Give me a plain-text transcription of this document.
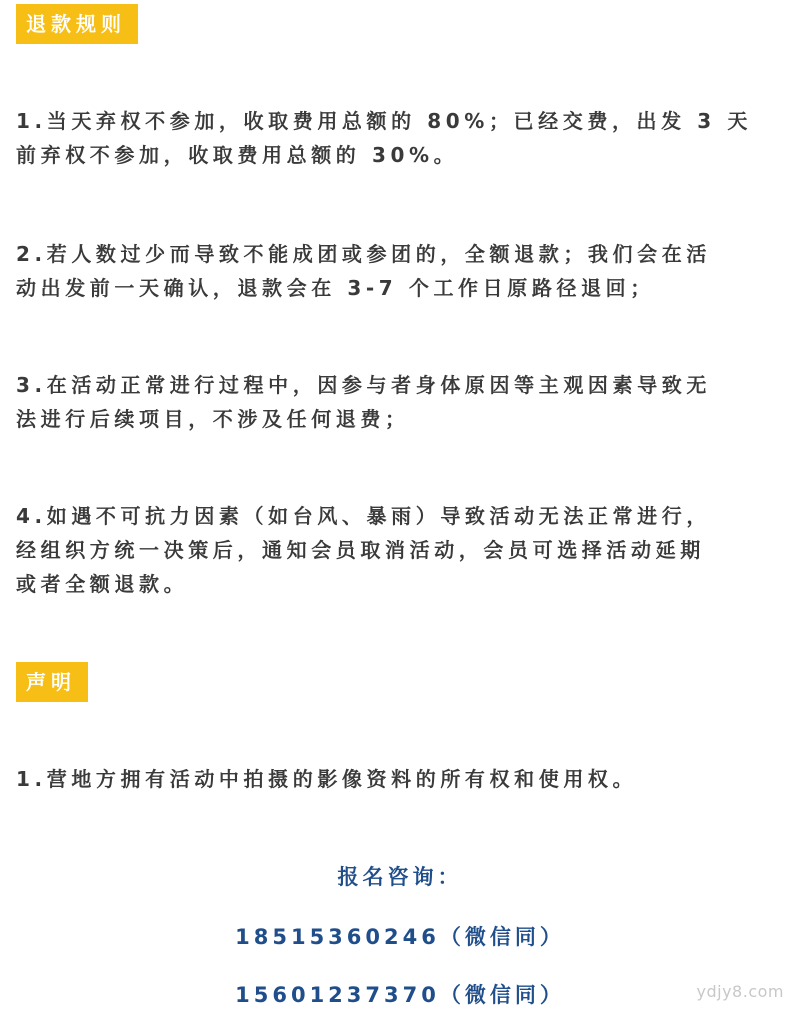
退款规则

1.当天弃权不参加，收取费用总额的 80%；已经交费，出发 3 天
前弃权不参加，收取费用总额的 30%。

2.若人数过少而导致不能成团或参团的，全额退款；我们会在活
动出发前一天确认，退款会在 3-7 个工作日原路径退回；

3.在活动正常进行过程中，因参与者身体原因等主观因素导致无
法进行后续项目，不涉及任何退费；

4.如遇不可抗力因素（如台风、暴雨）导致活动无法正常进行，
经组织方统一决策后，通知会员取消活动，会员可选择活动延期
或者全额退款。

声明

1.营地方拥有活动中拍摄的影像资料的所有权和使用权。

报名咨询：
18515360246（微信同）
15601237370（微信同）	ydjy8.com
